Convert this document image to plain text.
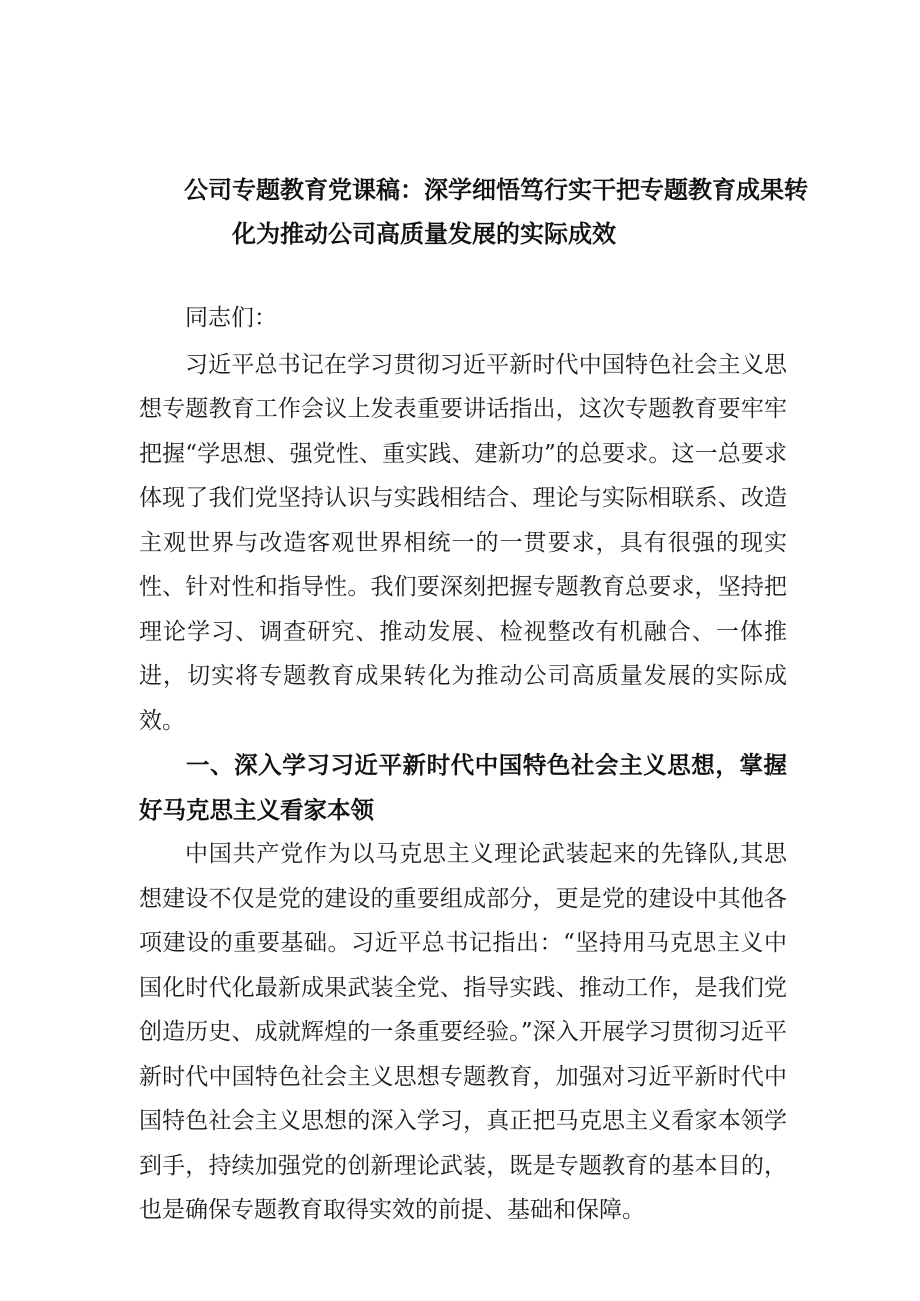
公司专题教育党课稿：深学细悟笃行实干把专题教育成果转
化为推动公司高质量发展的实际成效

同志们：

习近平总书记在学习贯彻习近平新时代中国特色社会主义思想专题教育工作会议上发表重要讲话指出，这次专题教育要牢牢把握“学思想、强党性、重实践、建新功”的总要求。这一总要求体现了我们党坚持认识与实践相结合、理论与实际相联系、改造主观世界与改造客观世界相统一的一贯要求，具有很强的现实性、针对性和指导性。我们要深刻把握专题教育总要求，坚持把理论学习、调查研究、推动发展、检视整改有机融合、一体推进，切实将专题教育成果转化为推动公司高质量发展的实际成效。

一、深入学习习近平新时代中国特色社会主义思想，掌握好马克思主义看家本领

中国共产党作为以马克思主义理论武装起来的先锋队,其思想建设不仅是党的建设的重要组成部分，更是党的建设中其他各项建设的重要基础。习近平总书记指出：“坚持用马克思主义中国化时代化最新成果武装全党、指导实践、推动工作，是我们党创造历史、成就辉煌的一条重要经验。”深入开展学习贯彻习近平新时代中国特色社会主义思想专题教育，加强对习近平新时代中国特色社会主义思想的深入学习，真正把马克思主义看家本领学到手，持续加强党的创新理论武装，既是专题教育的基本目的，也是确保专题教育取得实效的前提、基础和保障。
